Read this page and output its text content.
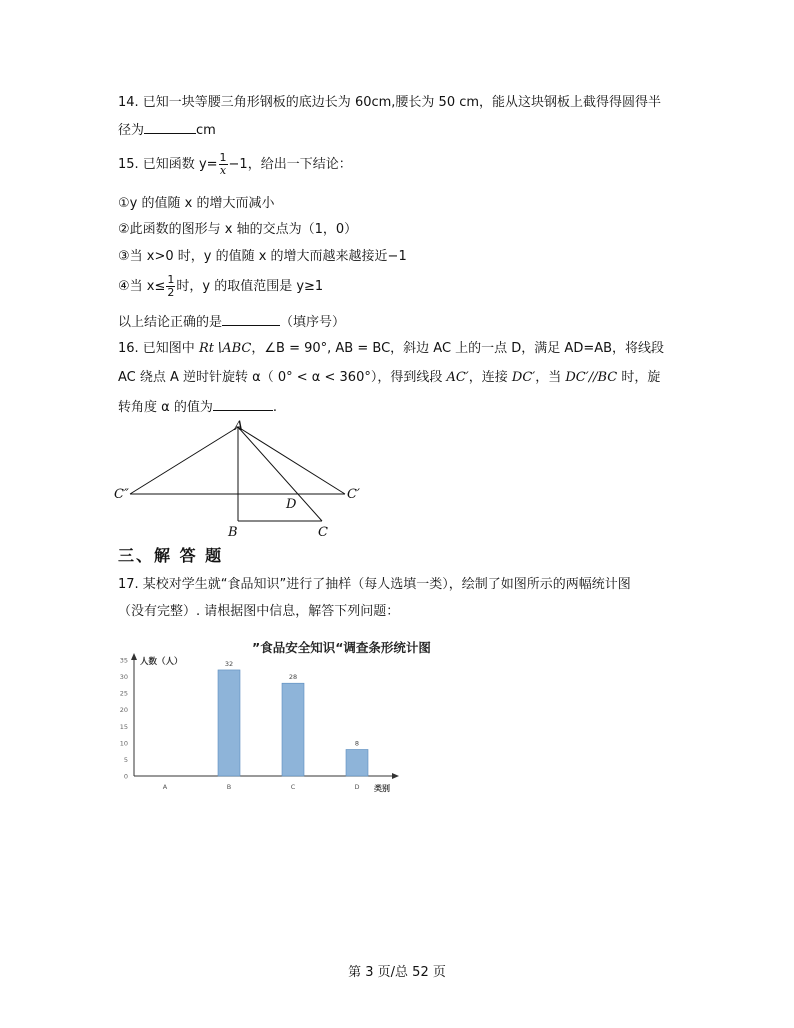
14. 已知一块等腰三角形钢板的底边长为 60cm,腰长为 50 cm，能从这块钢板上截得得圆得半
径为	cm
15. 已知函数 $y= \frac{1}{x} -1$，给出一下结论：
①y 的值随 x 的增大而减小
②此函数的图形与 x 轴的交点为（1，0）
③当 x>0 时，y 的值随 x 的增大而越来越接近−1
④当 $x\le \frac{1}{2}$ 时，y 的取值范围是 y≥1
以上结论正确的是	（填序号）
16. 已知图中 Rt∖ABC，∠B = 90°, AB = BC，斜边 AC 上的一点 D，满足 AD=AB，将线段
AC 绕点 A 逆时针旋转 α（ 0° < α < 360°），得到线段 AC′，连接 DC′，当 DC′//BC 时，旋
转角度 α 的值为	.
A
B	C
D
C′
C″
三、解 答 题
17. 某校对学生就“食品知识”进行了抽样（每人选填一类），绘制了如图所示的两幅统计图
（没有完整）. 请根据图中信息，解答下列问题：
”食品安全知识“调查条形统计图
人数（人）
类别
0
5
10
15
20
25
30
35	32
28
8
A	B	C	D
第 3 页/总 52 页
